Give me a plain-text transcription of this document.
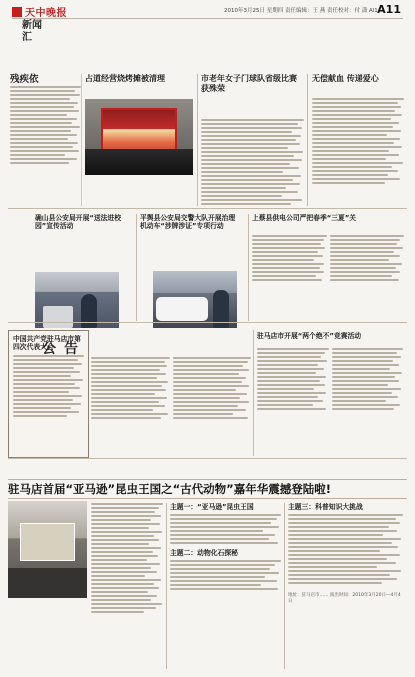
天中晚报	2010年3月25日 星期四 责任编辑：王 燕 责任校对：付 潇 Al1 A11
新闻
汇
残疾依	占道经营烧烤摊被清理	市老年女子门球队省级比赛获殊荣
无偿献血 传递爱心
确山县公安局开展“送法进校园”宣传活动
平舆县公安局交警大队开展治理机动车“涉牌涉证”专项行动
上蔡县供电公司严把春季“三夏”关
中国共产党驻马店市第四次代表大会
公告
驻马店市开展“两个绝不”竞赛活动
驻马店首届“亚马逊”昆虫王国之“古代动物”嘉年华震撼登陆啦!
主题一：“亚马逊”昆虫王国
主题二：动物化石探秘
主题三：科普知识大挑战
地址：驻马店市…… 演出时间：2010年3月20日—4月4日
